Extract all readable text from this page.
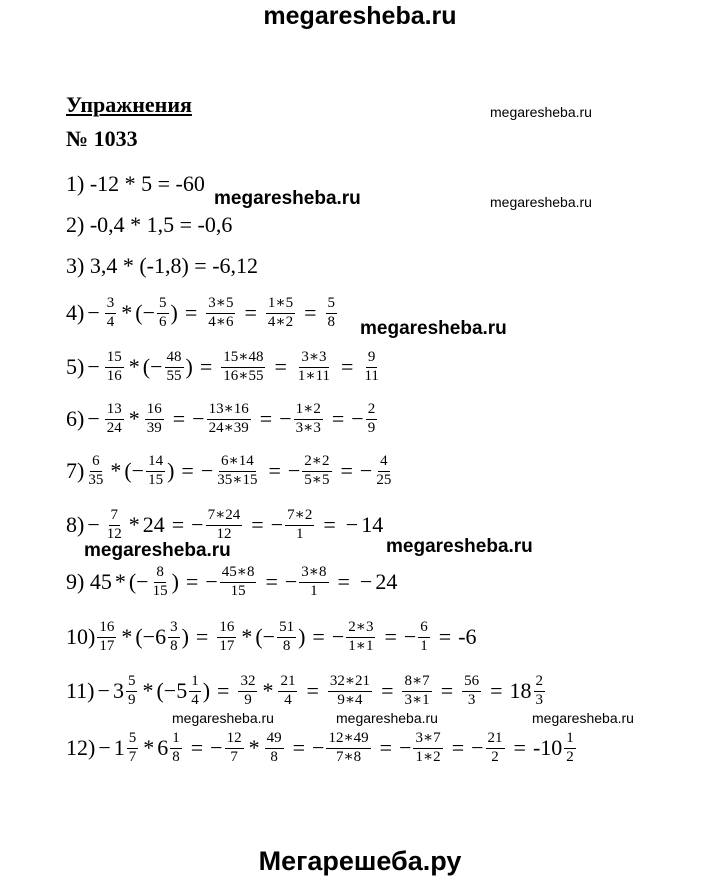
megaresheba.ru
megaresheba.ru
megaresheba.ru
megaresheba.ru
megaresheba.ru
megaresheba.ru	megaresheba.ru
megaresheba.ru	megaresheba.ru	megaresheba.ru
Мегарешеба.ру
Упражнения
№ 1033
1) -12 * 5 = -60
2) -0,4 * 1,5 = -0,6
3) 3,4 * (-1,8) = -6,12
$4) - \frac{3}{4}$ * ( − $\frac{5}{6}$ ) = $\frac{3∗5}{4∗6} = \frac{1∗5}{4∗2} = \frac{5}{8}$
$5) - \frac{15}{16}$ * ( − $\frac{48}{55}$ ) = $\frac{15∗48}{16∗55} = \frac{3∗3}{1∗11} = \frac{9}{11}$
$6) - \frac{13}{24} * \frac{16}{39}$ = − $\frac{13∗16}{24∗39}$ = − $\frac{1∗2}{3∗3}$ = − $\frac{2}{9}$
$7) \frac{6}{35}$ * ( − $\frac{14}{15}$ ) = − $\frac{6∗14}{35∗15}$ = − $\frac{2∗2}{5∗5}$ = − $\frac{4}{25}$
$8) - \frac{7}{12} * 24$ = − $\frac{7∗24}{12}$ = − $\frac{7∗2}{1}$ = − 14
9) 45 * ( − $\frac{8}{15}$ ) = − $\frac{45∗8}{15}$ = − $\frac{3∗8}{1}$ = − 24
$10) \frac{16}{17}$ * ( − $6 \frac{3}{8}$ ) = $\frac{16}{17}$ * ( − $\frac{51}{8}$ ) = − $\frac{2∗3}{1∗1}$ = − $\frac{6}{1} = -6$
$11) - 3 \frac{5}{9}$ * ( − $5 \frac{1}{4}$ ) = $\frac{32}{9} * \frac{21}{4} = \frac{32∗21}{9∗4} = \frac{8∗7}{3∗1} = \frac{56}{3} = 18 \frac{2}{3}$
$12) - 1 \frac{5}{7} * 6 \frac{1}{8}$ = − $\frac{12}{7} * \frac{49}{8}$ = − $\frac{12∗49}{7∗8}$ = − $\frac{3∗7}{1∗2}$ = − $\frac{21}{2} = -10 \frac{1}{2}$
